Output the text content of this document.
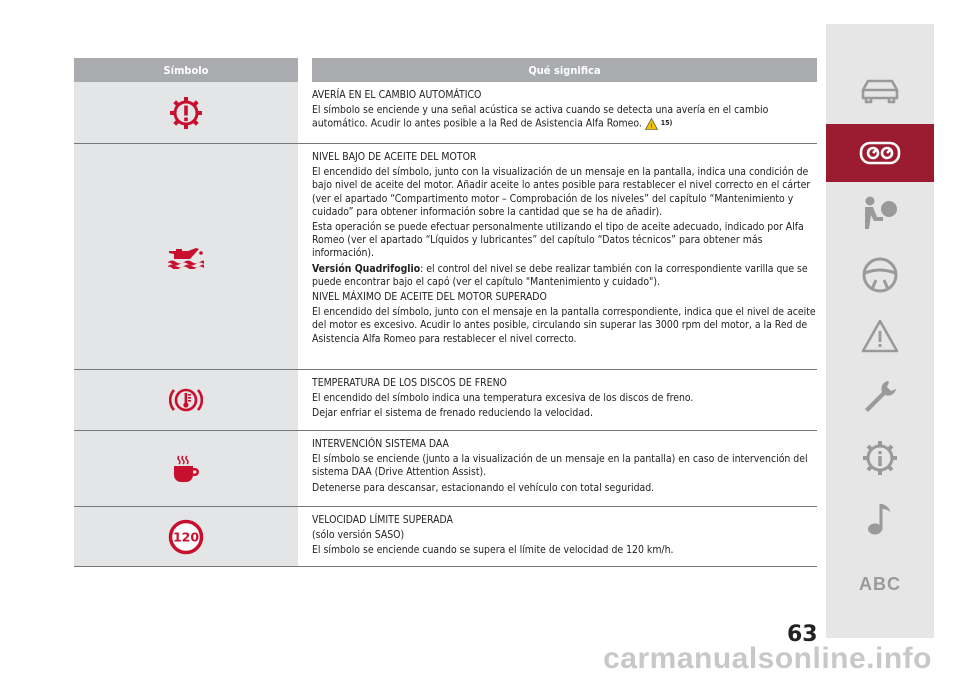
Símbolo	Qué significa

AVERÍA EN EL CAMBIO AUTOMÁTICO

El símbolo se enciende y una señal acústica se activa cuando se detecta una avería en el cambio automático. Acudir lo antes posible a la Red de Asistencia Alfa Romeo. ! 15)

NIVEL BAJO DE ACEITE DEL MOTOR

El encendido del símbolo, junto con la visualización de un mensaje en la pantalla, indica una condición de bajo nivel de aceite del motor. Añadir aceite lo antes posible para restablecer el nivel correcto en el cárter (ver el apartado “Compartimento motor – Comprobación de los niveles” del capítulo “Mantenimiento y cuidado” para obtener información sobre la cantidad que se ha de añadir).

Esta operación se puede efectuar personalmente utilizando el tipo de aceite adecuado, indicado por Alfa Romeo (ver el apartado “Líquidos y lubricantes” del capítulo “Datos técnicos” para obtener más información).

Versión Quadrifoglio: el control del nivel se debe realizar también con la correspondiente varilla que se puede encontrar bajo el capó (ver el capítulo "Mantenimiento y cuidado").

NIVEL MÁXIMO DE ACEITE DEL MOTOR SUPERADO

El encendido del símbolo, junto con el mensaje en la pantalla correspondiente, indica que el nivel de aceite del motor es excesivo. Acudir lo antes posible, circulando sin superar las 3000 rpm del motor, a la Red de Asistencia Alfa Romeo para restablecer el nivel correcto.

TEMPERATURA DE LOS DISCOS DE FRENO

El encendido del símbolo indica una temperatura excesiva de los discos de freno.

Dejar enfriar el sistema de frenado reduciendo la velocidad.

INTERVENCIÓN SISTEMA DAA

El símbolo se enciende (junto a la visualización de un mensaje en la pantalla) en caso de intervención del sistema DAA (Drive Attention Assist).

Detenerse para descansar, estacionando el vehículo con total seguridad.

120

VELOCIDAD LÍMITE SUPERADA

(sólo versión SASO)

El símbolo se enciende cuando se supera el límite de velocidad de 120 km/h.

ABC
63
carmanualsonline.info
